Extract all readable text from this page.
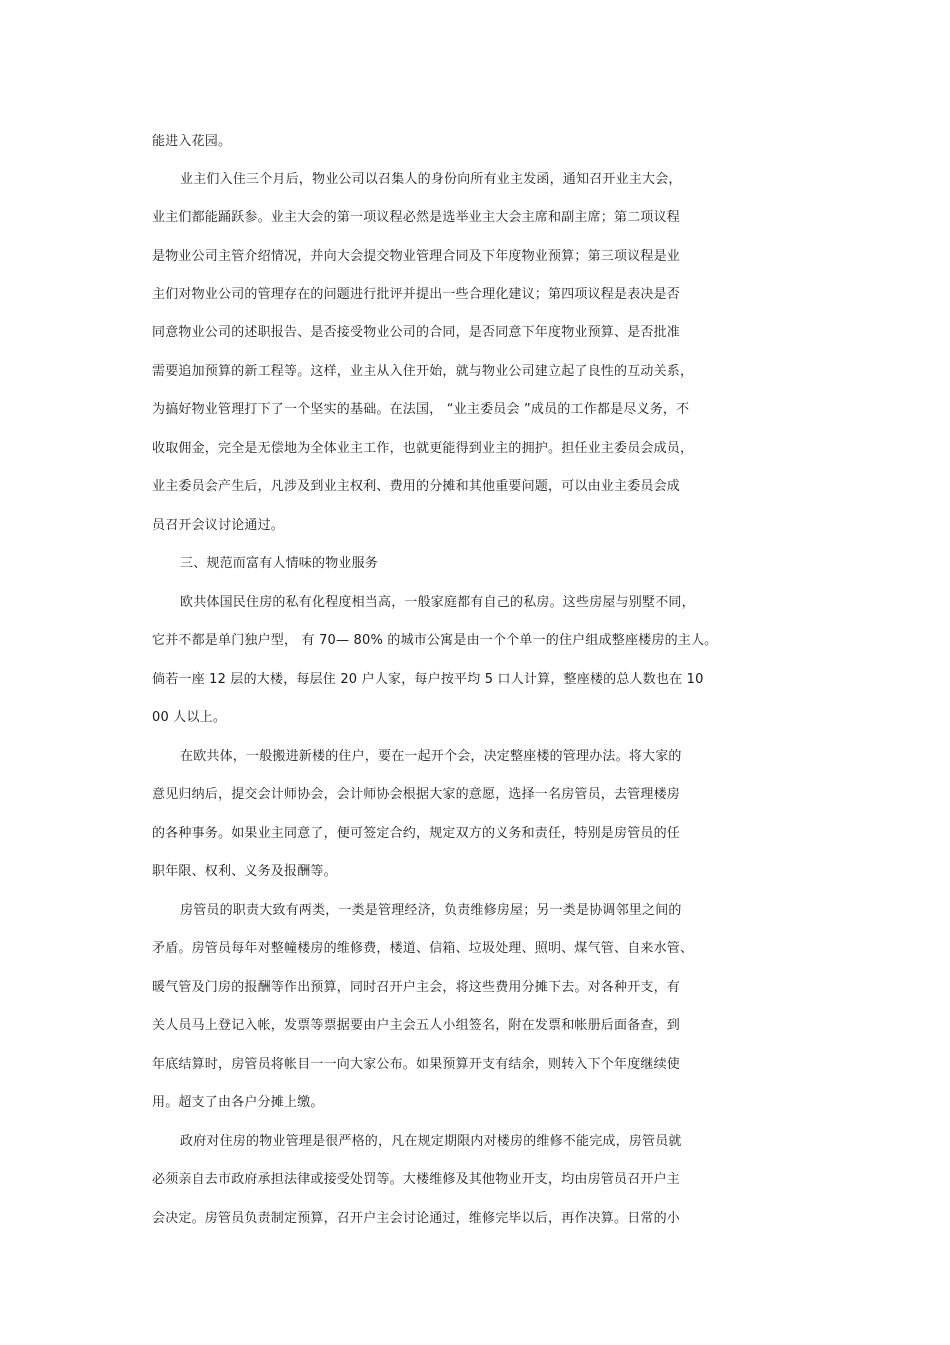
能进入花园。
业主们入住三个月后，物业公司以召集人的身份向所有业主发函，通知召开业主大会，
业主们都能踊跃参。业主大会的第一项议程必然是选举业主大会主席和副主席；第二项议程
是物业公司主管介绍情况，并向大会提交物业管理合同及下年度物业预算；第三项议程是业
主们对物业公司的管理存在的问题进行批评并提出一些合理化建议；第四项议程是表决是否
同意物业公司的述职报告、是否接受物业公司的合同，是否同意下年度物业预算、是否批准
需要追加预算的新工程等。这样，业主从入住开始，就与物业公司建立起了良性的互动关系，
为搞好物业管理打下了一个坚实的基础。在法国， “业主委员会 ”成员的工作都是尽义务，不
收取佣金，完全是无偿地为全体业主工作，也就更能得到业主的拥护。担任业主委员会成员，
业主委员会产生后，凡涉及到业主权利、费用的分摊和其他重要问题，可以由业主委员会成
员召开会议讨论通过。
三、规范而富有人情味的物业服务
欧共体国民住房的私有化程度相当高，一般家庭都有自己的私房。这些房屋与别墅不同，
它并不都是单门独户型， 有 70— 80% 的城市公寓是由一个个单一的住户组成整座楼房的主人。
倘若一座 12 层的大楼，每层住 20 户人家，每户按平均 5 口人计算，整座楼的总人数也在 10
00 人以上。
在欧共体，一般搬进新楼的住户，要在一起开个会，决定整座楼的管理办法。将大家的
意见归纳后，提交会计师协会，会计师协会根据大家的意愿，选择一名房管员，去管理楼房
的各种事务。如果业主同意了，便可签定合约，规定双方的义务和责任，特别是房管员的任
职年限、权利、义务及报酬等。
房管员的职责大致有两类，一类是管理经济，负责维修房屋；另一类是协调邻里之间的
矛盾。房管员每年对整幢楼房的维修费，楼道、信箱、垃圾处理、照明、煤气管、自来水管、
暖气管及门房的报酬等作出预算，同时召开户主会，将这些费用分摊下去。对各种开支，有
关人员马上登记入帐，发票等票据要由户主会五人小组签名，附在发票和帐册后面备查，到
年底结算时，房管员将帐目一一向大家公布。如果预算开支有结余，则转入下个年度继续使
用。超支了由各户分摊上缴。
政府对住房的物业管理是很严格的，凡在规定期限内对楼房的维修不能完成，房管员就
必须亲自去市政府承担法律或接受处罚等。大楼维修及其他物业开支，均由房管员召开户主
会决定。房管员负责制定预算，召开户主会讨论通过，维修完毕以后，再作决算。日常的小
